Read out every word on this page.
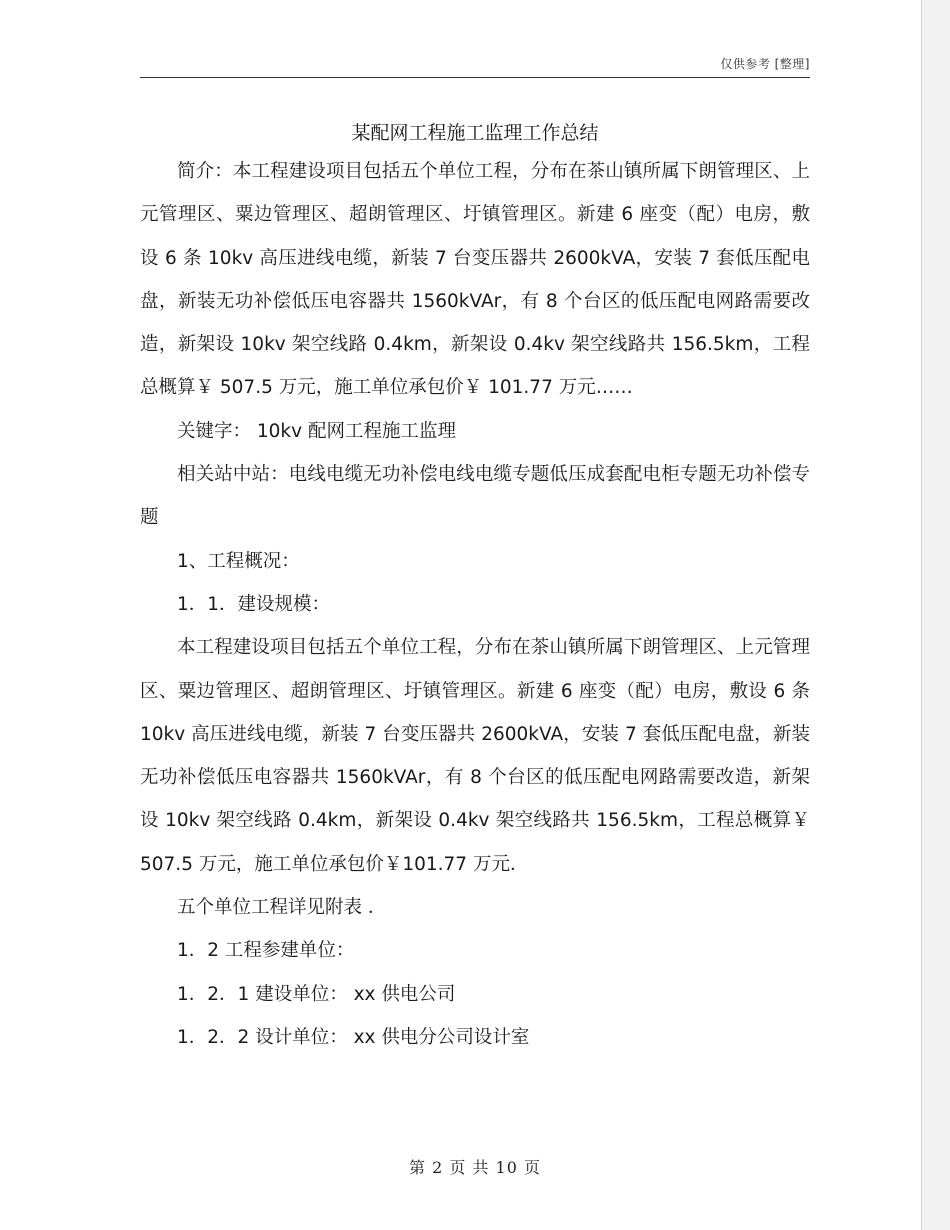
仅供参考 [整理]
某配网工程施工监理工作总结

简介：本工程建设项目包括五个单位工程，分布在茶山镇所属下朗管理区、上元管理区、粟边管理区、超朗管理区、圩镇管理区。新建 6 座变（配）电房，敷设 6 条 10kv 高压进线电缆，新装 7 台变压器共 2600kVA，安装 7 套低压配电盘，新装无功补偿低压电容器共 1560kVAr，有 8 个台区的低压配电网路需要改造，新架设 10kv 架空线路 0.4km，新架设 0.4kv 架空线路共 156.5km，工程总概算￥ 507.5 万元，施工单位承包价￥ 101.77 万元……

关键字： 10kv 配网工程施工监理

相关站中站：电线电缆无功补偿电线电缆专题低压成套配电柜专题无功补偿专题

1、工程概况：

1．1．建设规模：

本工程建设项目包括五个单位工程，分布在茶山镇所属下朗管理区、上元管理区、粟边管理区、超朗管理区、圩镇管理区。新建 6 座变（配）电房，敷设 6 条 10kv 高压进线电缆，新装 7 台变压器共 2600kVA，安装 7 套低压配电盘，新装无功补偿低压电容器共 1560kVAr，有 8 个台区的低压配电网路需要改造，新架设 10kv 架空线路 0.4km，新架设 0.4kv 架空线路共 156.5km，工程总概算￥ 507.5 万元，施工单位承包价￥101.77 万元．

五个单位工程详见附表 ．

1．2 工程参建单位：

1．2．1 建设单位： xx 供电公司

1．2．2 设计单位： xx 供电分公司设计室

第 2 页 共 10 页
